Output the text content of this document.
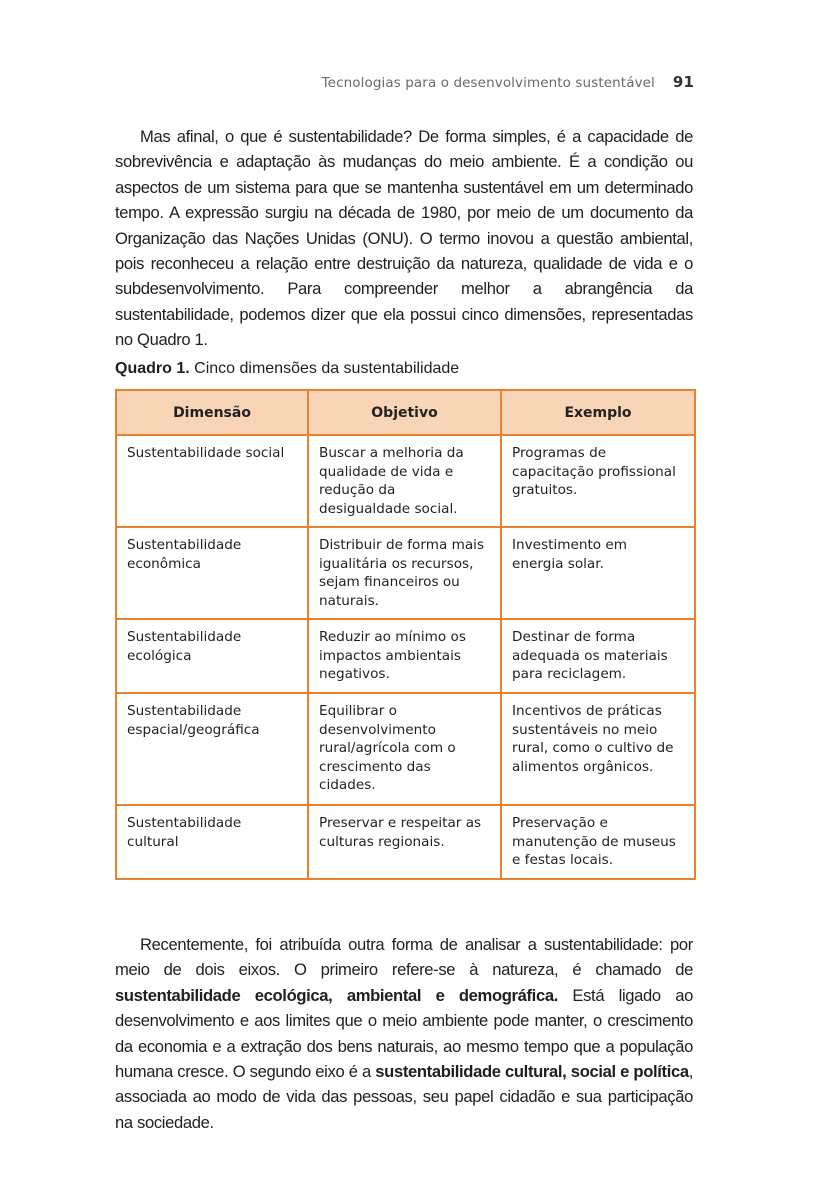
Tecnologias para o desenvolvimento sustentável 91

Mas afinal, o que é sustentabilidade? De forma simples, é a capacidade de sobrevivência e adaptação às mudanças do meio ambiente. É a condição ou aspectos de um sistema para que se mantenha sustentável em um determinado tempo. A expressão surgiu na década de 1980, por meio de um documento da Organização das Nações Unidas (ONU). O termo inovou a questão ambiental, pois reconheceu a relação entre destruição da natureza, qualidade de vida e o subdesenvolvimento. Para compreender melhor a abrangência da sustentabilidade, podemos dizer que ela possui cinco dimensões, representadas no Quadro 1.

Quadro 1. Cinco dimensões da sustentabilidade
Dimensão	Objetivo	Exemplo
Sustentabilidade social	Buscar a melhoria da qualidade de vida e redução da desigualdade social.	Programas de capacitação profissional gratuitos.
Sustentabilidade econômica	Distribuir de forma mais igualitária os recursos, sejam financeiros ou naturais.	Investimento em energia solar.
Sustentabilidade ecológica	Reduzir ao mínimo os impactos ambientais negativos.	Destinar de forma adequada os materiais para reciclagem.
Sustentabilidade espacial/geográfica	Equilibrar o desenvolvimento rural/agrícola com o crescimento das cidades.	Incentivos de práticas sustentáveis no meio rural, como o cultivo de alimentos orgânicos.
Sustentabilidade cultural	Preservar e respeitar as culturas regionais.	Preservação e manutenção de museus e festas locais.

Recentemente, foi atribuída outra forma de analisar a sustentabilidade: por meio de dois eixos. O primeiro refere-se à natureza, é chamado de sustentabilidade ecológica, ambiental e demográfica. Está ligado ao desenvolvimento e aos limites que o meio ambiente pode manter, o crescimento da economia e a extração dos bens naturais, ao mesmo tempo que a população humana cresce. O segundo eixo é a sustentabilidade cultural, social e política, associada ao modo de vida das pessoas, seu papel cidadão e sua participação na sociedade.
